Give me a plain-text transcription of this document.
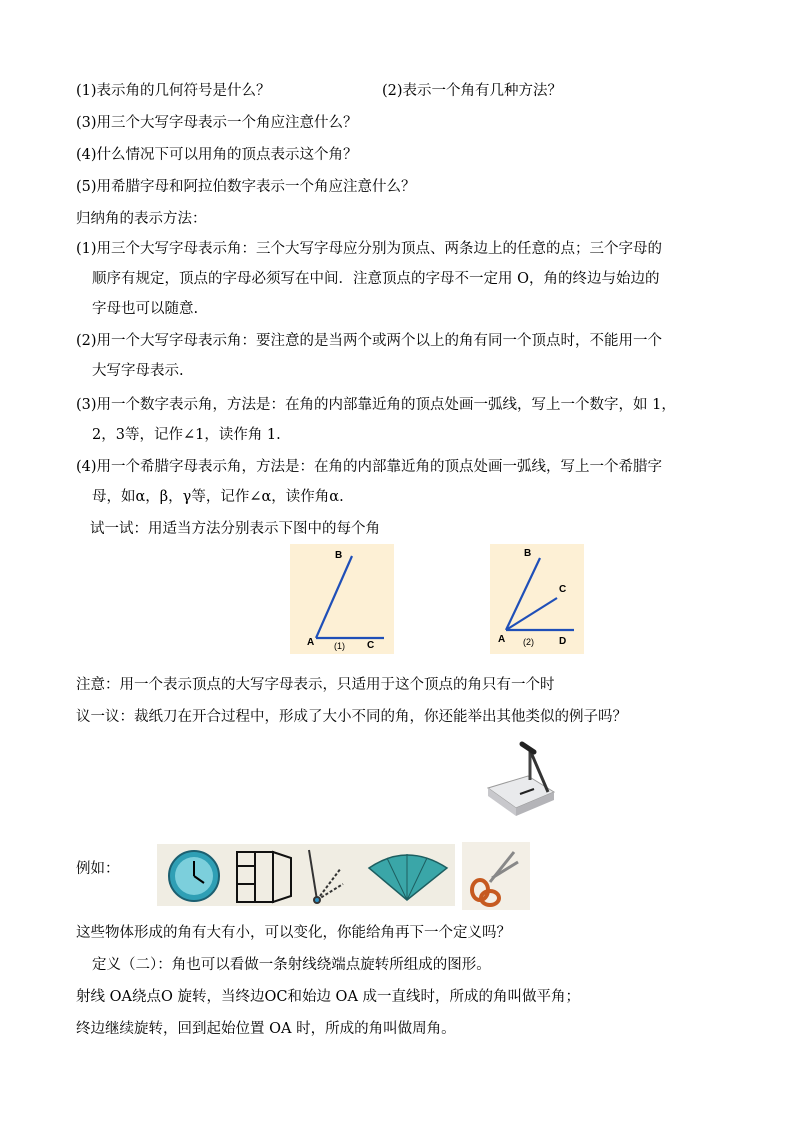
(1)表示角的几何符号是什么？	(2)表示一个角有几种方法？
(3)用三个大写字母表示一个角应注意什么？
(4)什么情况下可以用角的顶点表示这个角？
(5)用希腊字母和阿拉伯数字表示一个角应注意什么？
归纳角的表示方法：
(1)用三个大写字母表示角：三个大写字母应分别为顶点、两条边上的任意的点；三个字母的
顺序有规定，顶点的字母必须写在中间．注意顶点的字母不一定用 O，角的终边与始边的
字母也可以随意.
(2)用一个大写字母表示角：要注意的是当两个或两个以上的角有同一个顶点时，不能用一个
大写字母表示.
(3)用一个数字表示角，方法是：在角的内部靠近角的顶点处画一弧线，写上一个数字，如 1，
2，3等，记作∠1，读作角 1.
(4)用一个希腊字母表示角，方法是：在角的内部靠近角的顶点处画一弧线，写上一个希腊字
母，如α，β，γ等，记作∠α，读作角α.
试一试：用适当方法分别表示下图中的每个角
B
A	C
(1)
B
C
A	D
(2)
注意：用一个表示顶点的大写字母表示，只适用于这个顶点的角只有一个时
议一议：裁纸刀在开合过程中，形成了大小不同的角，你还能举出其他类似的例子吗？
例如：
这些物体形成的角有大有小，可以变化，你能给角再下一个定义吗？
定义（二）：角也可以看做一条射线绕端点旋转所组成的图形。
射线 OA绕点O 旋转，当终边OC和始边 OA 成一直线时，所成的角叫做平角；
终边继续旋转，回到起始位置 OA 时，所成的角叫做周角。
